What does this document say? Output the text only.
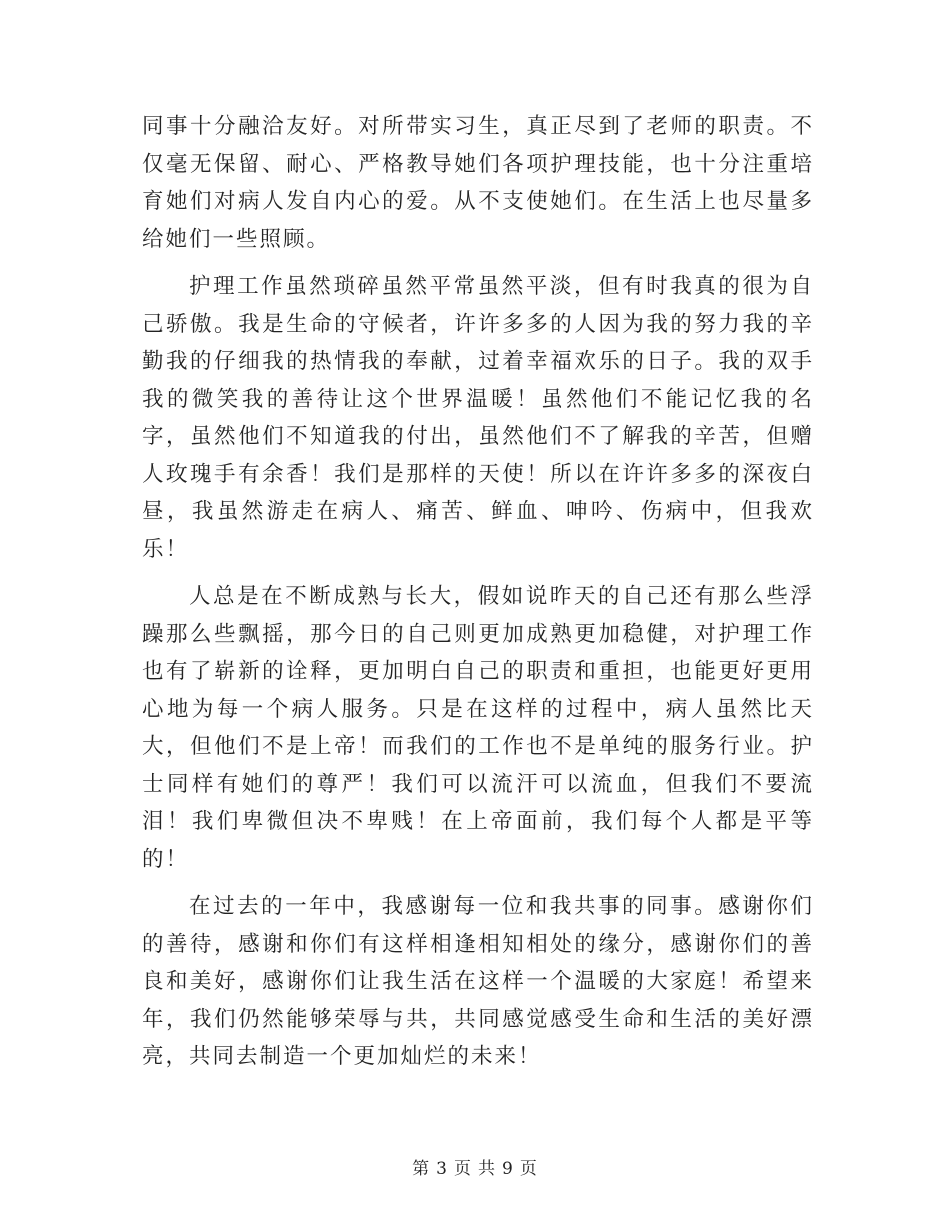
同事十分融洽友好。对所带实习生，真正尽到了老师的职责。不仅毫无保留、耐心、严格教导她们各项护理技能，也十分注重培育她们对病人发自内心的爱。从不支使她们。在生活上也尽量多给她们一些照顾。

护理工作虽然琐碎虽然平常虽然平淡，但有时我真的很为自己骄傲。我是生命的守候者，许许多多的人因为我的努力我的辛勤我的仔细我的热情我的奉献，过着幸福欢乐的日子。我的双手我的微笑我的善待让这个世界温暖！虽然他们不能记忆我的名字，虽然他们不知道我的付出，虽然他们不了解我的辛苦，但赠人玫瑰手有余香！我们是那样的天使！所以在许许多多的深夜白昼，我虽然游走在病人、痛苦、鲜血、呻吟、伤病中，但我欢乐！

人总是在不断成熟与长大，假如说昨天的自己还有那么些浮躁那么些飘摇，那今日的自己则更加成熟更加稳健，对护理工作也有了崭新的诠释，更加明白自己的职责和重担，也能更好更用心地为每一个病人服务。只是在这样的过程中，病人虽然比天大，但他们不是上帝！而我们的工作也不是单纯的服务行业。护士同样有她们的尊严！我们可以流汗可以流血，但我们不要流泪！我们卑微但决不卑贱！在上帝面前，我们每个人都是平等的！

在过去的一年中，我感谢每一位和我共事的同事。感谢你们的善待，感谢和你们有这样相逢相知相处的缘分，感谢你们的善良和美好，感谢你们让我生活在这样一个温暖的大家庭！希望来年，我们仍然能够荣辱与共，共同感觉感受生命和生活的美好漂亮，共同去制造一个更加灿烂的未来！

第 3 页 共 9 页
